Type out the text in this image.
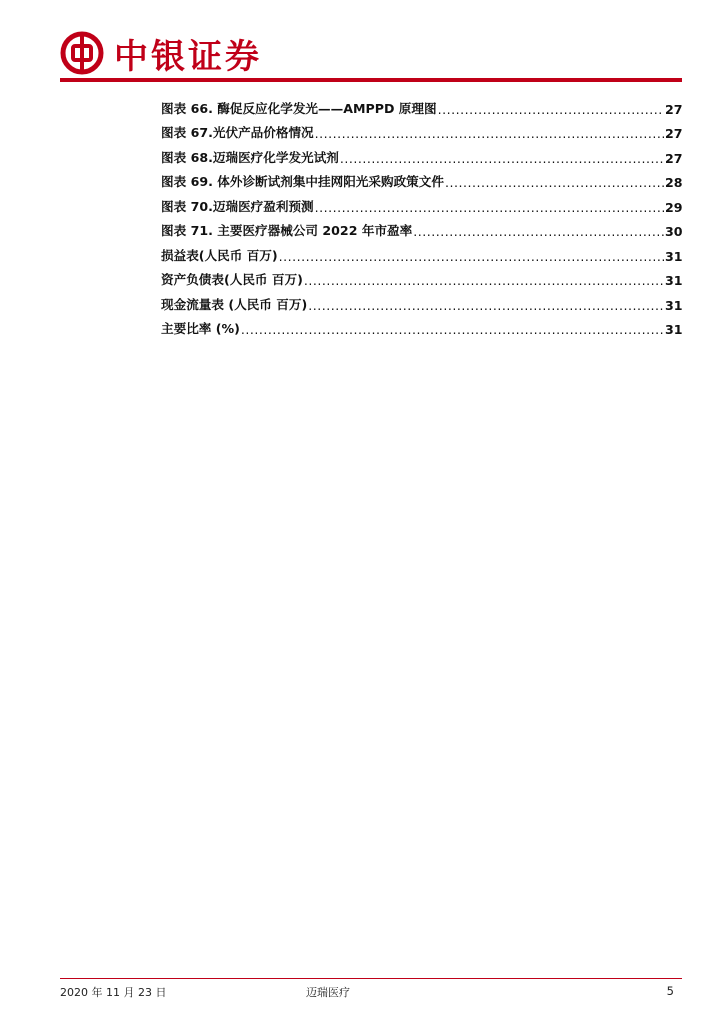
中银证券
图表 66. 酶促反应化学发光——AMPPD 原理图 .....	27
图表 67.光伏产品价格情况 .....	27
图表 68.迈瑞医疗化学发光试剂 .....	27
图表 69. 体外诊断试剂集中挂网阳光采购政策文件 .....	28
图表 70.迈瑞医疗盈利预测 .....	29
图表 71. 主要医疗器械公司 2022 年市盈率 .....	30
损益表(人民币 百万) .....	31
资产负债表(人民币 百万) .....	31
现金流量表 (人民币 百万) .....	31
主要比率 (%) .....	31
2020 年 11 月 23 日	迈瑞医疗	5
